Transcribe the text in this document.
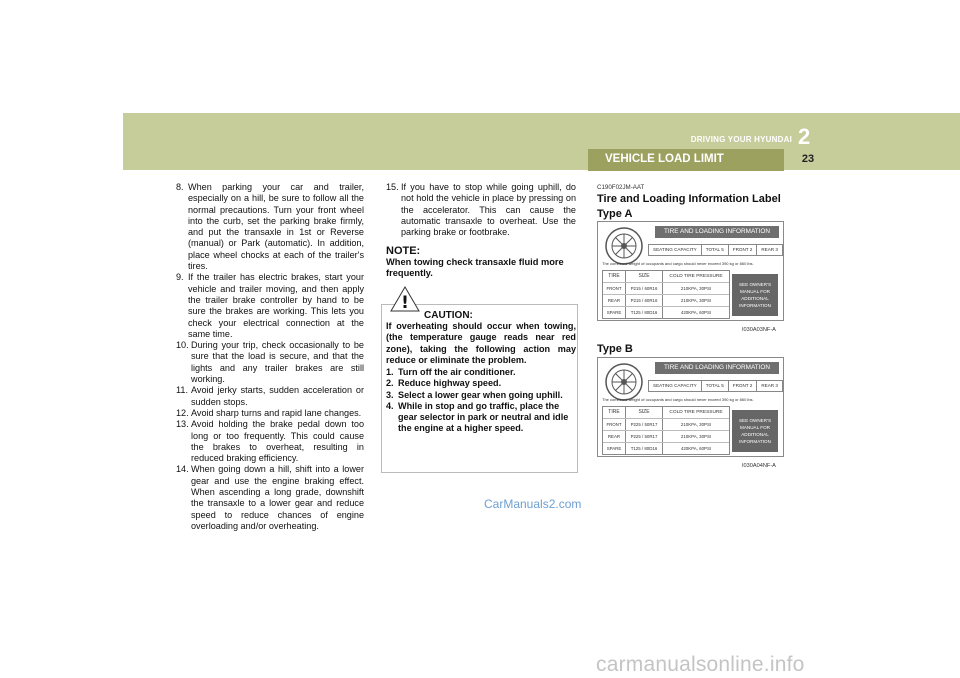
DRIVING YOUR HYUNDAI 2
23
VEHICLE LOAD LIMIT
8. When parking your car and trailer, especially on a hill, be sure to follow all the normal precautions. Turn your front wheel into the curb, set the parking brake firmly, and put the transaxle in 1st or Reverse (manual) or Park (automatic). In addition, place wheel chocks at each of the trailer's tires.
9. If the trailer has electric brakes, start your vehicle and trailer moving, and then apply the trailer brake controller by hand to be sure the brakes are working. This lets you check your electrical connection at the same time.
10. During your trip, check occasionally to be sure that the load is secure, and that the lights and any trailer brakes are still working.
11. Avoid jerky starts, sudden acceleration or sudden stops.
12. Avoid sharp turns and rapid lane changes.
13. Avoid holding the brake pedal down too long or too frequently. This could cause the brakes to overheat, resulting in reduced braking efficiency.
14. When going down a hill, shift into a lower gear and use the engine braking effect. When ascending a long grade, downshift the transaxle to a lower gear and reduce speed to reduce chances of engine overloading and/or overheating.
15. If you have to stop while going uphill, do not hold the vehicle in place by pressing on the accelerator. This can cause the automatic transaxle to overheat. Use the parking brake or footbrake.
NOTE:
When towing check transaxle fluid more frequently.
!
CAUTION:
If overheating should occur when towing, (the temperature gauge reads near red zone), taking the following action may reduce or eliminate the problem.
1. Turn off the air conditioner.
2. Reduce highway speed.
3. Select a lower gear when going uphill.
4. While in stop and go traffic, place the gear selector in park or neutral and idle the engine at a higher speed.
C190F02JM-AAT
Tire and Loading Information Label
Type A
TIRE AND LOADING INFORMATION
SEATING CAPACITY	TOTAL 5	FRONT 2	REAR 3
The combined weight of occupants and cargo should never exceed 390 kg or 860 lbs.
TIRE	SIZE	COLD TIRE PRESSURE
FRONT	P215 / 60R16	210KPA, 30PSI
REAR	P215 / 60R16	210KPA, 30PSI
SPARE	T125 / 80D16	420KPA, 60PSI
SEE OWNER'S
MANUAL FOR
ADDITIONAL
INFORMATION
I030A03NF-A
Type B
TIRE AND LOADING INFORMATION
SEATING CAPACITY	TOTAL 5	FRONT 2	REAR 3
The combined weight of occupants and cargo should never exceed 390 kg or 860 lbs.
TIRE	SIZE	COLD TIRE PRESSURE
FRONT	P225 / 50R17	210KPA, 30PSI
REAR	P225 / 50R17	210KPA, 30PSI
SPARE	T125 / 80D16	420KPA, 60PSI
SEE OWNER'S
MANUAL FOR
ADDITIONAL
INFORMATION
I030A04NF-A
CarManuals2.com
carmanualsonline.info
